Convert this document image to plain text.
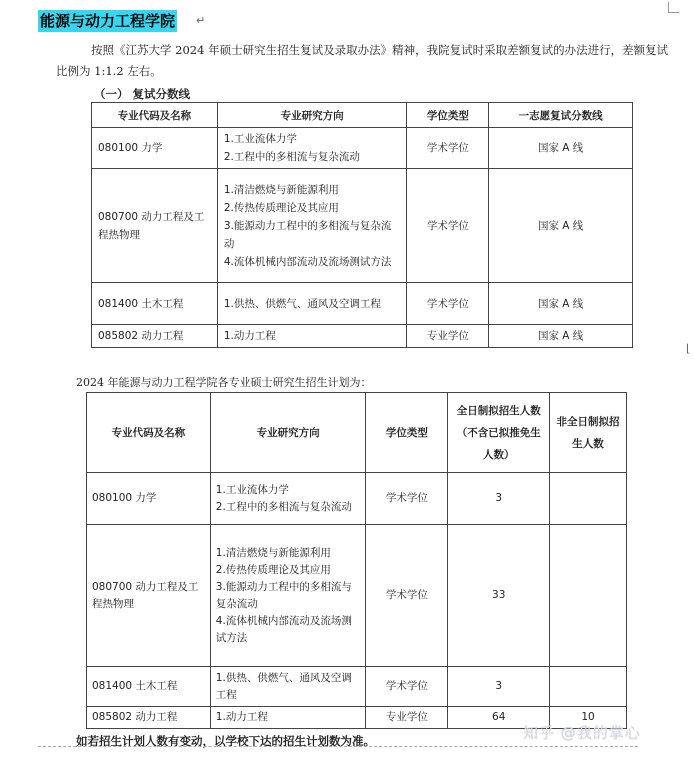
能源与动力工程学院 ↵
按照《江苏大学 2024 年硕士研究生招生复试及录取办法》精神，我院复试时采取差额复试的办法进行，差额复试比例为 1:1.2 左右。
（一） 复试分数线
专业代码及名称	专业研究方向	学位类型	一志愿复试分数线
080100 力学	1.工业流体力学
2.工程中的多相流与复杂流动	学术学位	国家 A 线
080700 动力工程及工程热物理	1.清洁燃烧与新能源利用
2.传热传质理论及其应用
3.能源动力工程中的多相流与复杂流动
4.流体机械内部流动及流场测试方法	学术学位	国家 A 线
081400 土木工程	1.供热、供燃气、通风及空调工程	学术学位	国家 A 线
085802 动力工程	1.动力工程	专业学位	国家 A 线
⌊
2024 年能源与动力工程学院各专业硕士研究生招生计划为：
专业代码及名称	专业研究方向	学位类型	全日制拟招生人数（不含已拟推免生人数）	非全日制拟招生人数
080100 力学	1.工业流体力学
2.工程中的多相流与复杂流动	学术学位	3	
080700 动力工程及工程热物理	1.清洁燃烧与新能源利用
2.传热传质理论及其应用
3.能源动力工程中的多相流与复杂流动
4.流体机械内部流动及流场测试方法	学术学位	33	
081400 土木工程	1.供热、供燃气、通风及空调工程	学术学位	3	
085802 动力工程	1.动力工程	专业学位	64	10
如若招生计划人数有变动，以学校下达的招生计划数为准。	知乎 @我的掌心
